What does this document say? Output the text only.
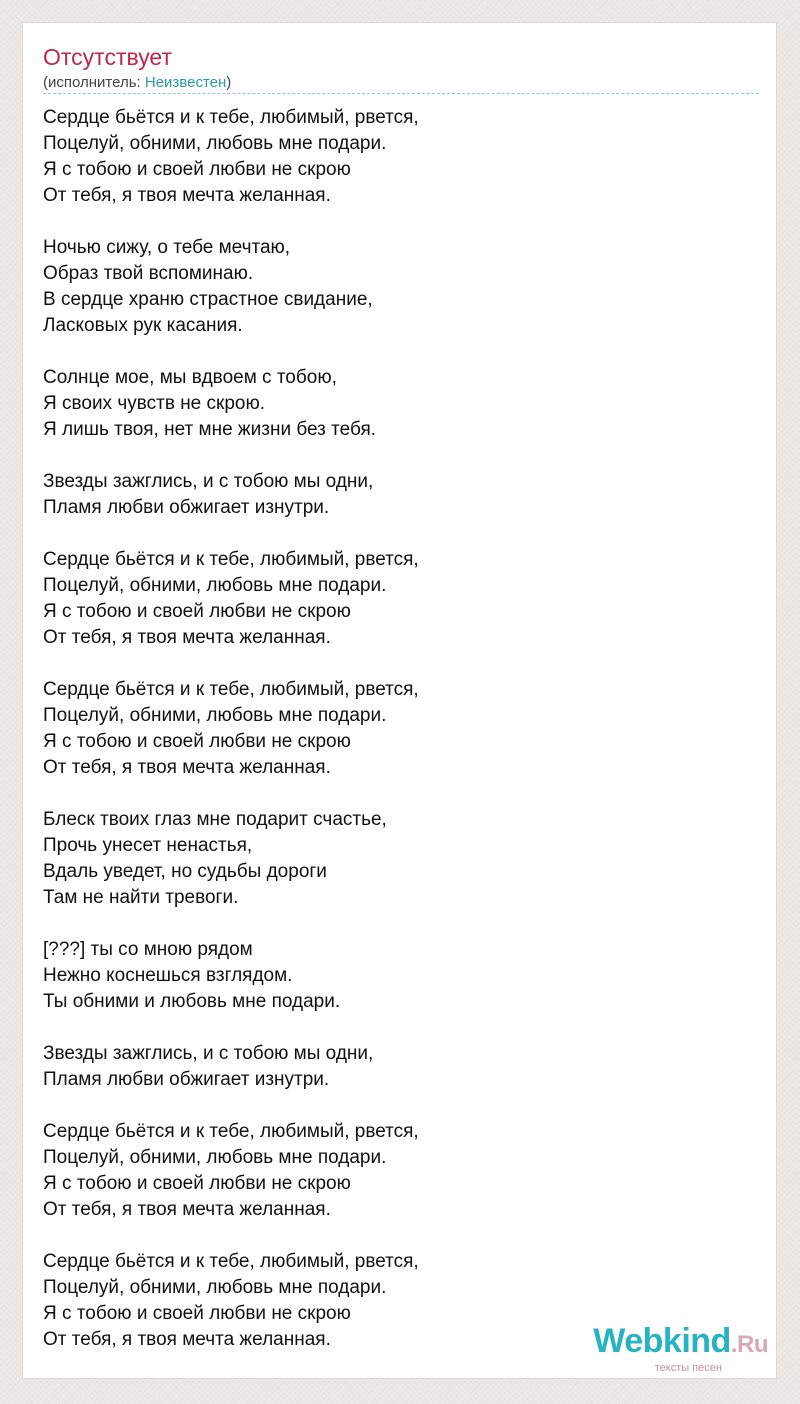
Отсутствует
(исполнитель: Неизвестен)
Сердце бьётся и к тебе, любимый, рвется,
Поцелуй, обними, любовь мне подари.
Я с тобою и своей любви не скрою
От тебя, я твоя мечта желанная.
Ночью сижу, о тебе мечтаю,
Образ твой вспоминаю.
В сердце храню страстное свидание,
Ласковых рук касания.
Солнце мое, мы вдвоем с тобою,
Я своих чувств не скрою.
Я лишь твоя, нет мне жизни без тебя.
Звезды зажглись, и с тобою мы одни,
Пламя любви обжигает изнутри.
Сердце бьётся и к тебе, любимый, рвется,
Поцелуй, обними, любовь мне подари.
Я с тобою и своей любви не скрою
От тебя, я твоя мечта желанная.
Сердце бьётся и к тебе, любимый, рвется,
Поцелуй, обними, любовь мне подари.
Я с тобою и своей любви не скрою
От тебя, я твоя мечта желанная.
Блеск твоих глаз мне подарит счастье,
Прочь унесет ненастья,
Вдаль уведет, но судьбы дороги
Там не найти тревоги.
[???] ты со мною рядом
Нежно коснешься взглядом.
Ты обними и любовь мне подари.
Звезды зажглись, и с тобою мы одни,
Пламя любви обжигает изнутри.
Сердце бьётся и к тебе, любимый, рвется,
Поцелуй, обними, любовь мне подари.
Я с тобою и своей любви не скрою
От тебя, я твоя мечта желанная.
Сердце бьётся и к тебе, любимый, рвется,
Поцелуй, обними, любовь мне подари.
Я с тобою и своей любви не скрою
От тебя, я твоя мечта желанная.	Webkind.Ru
тексты песен
